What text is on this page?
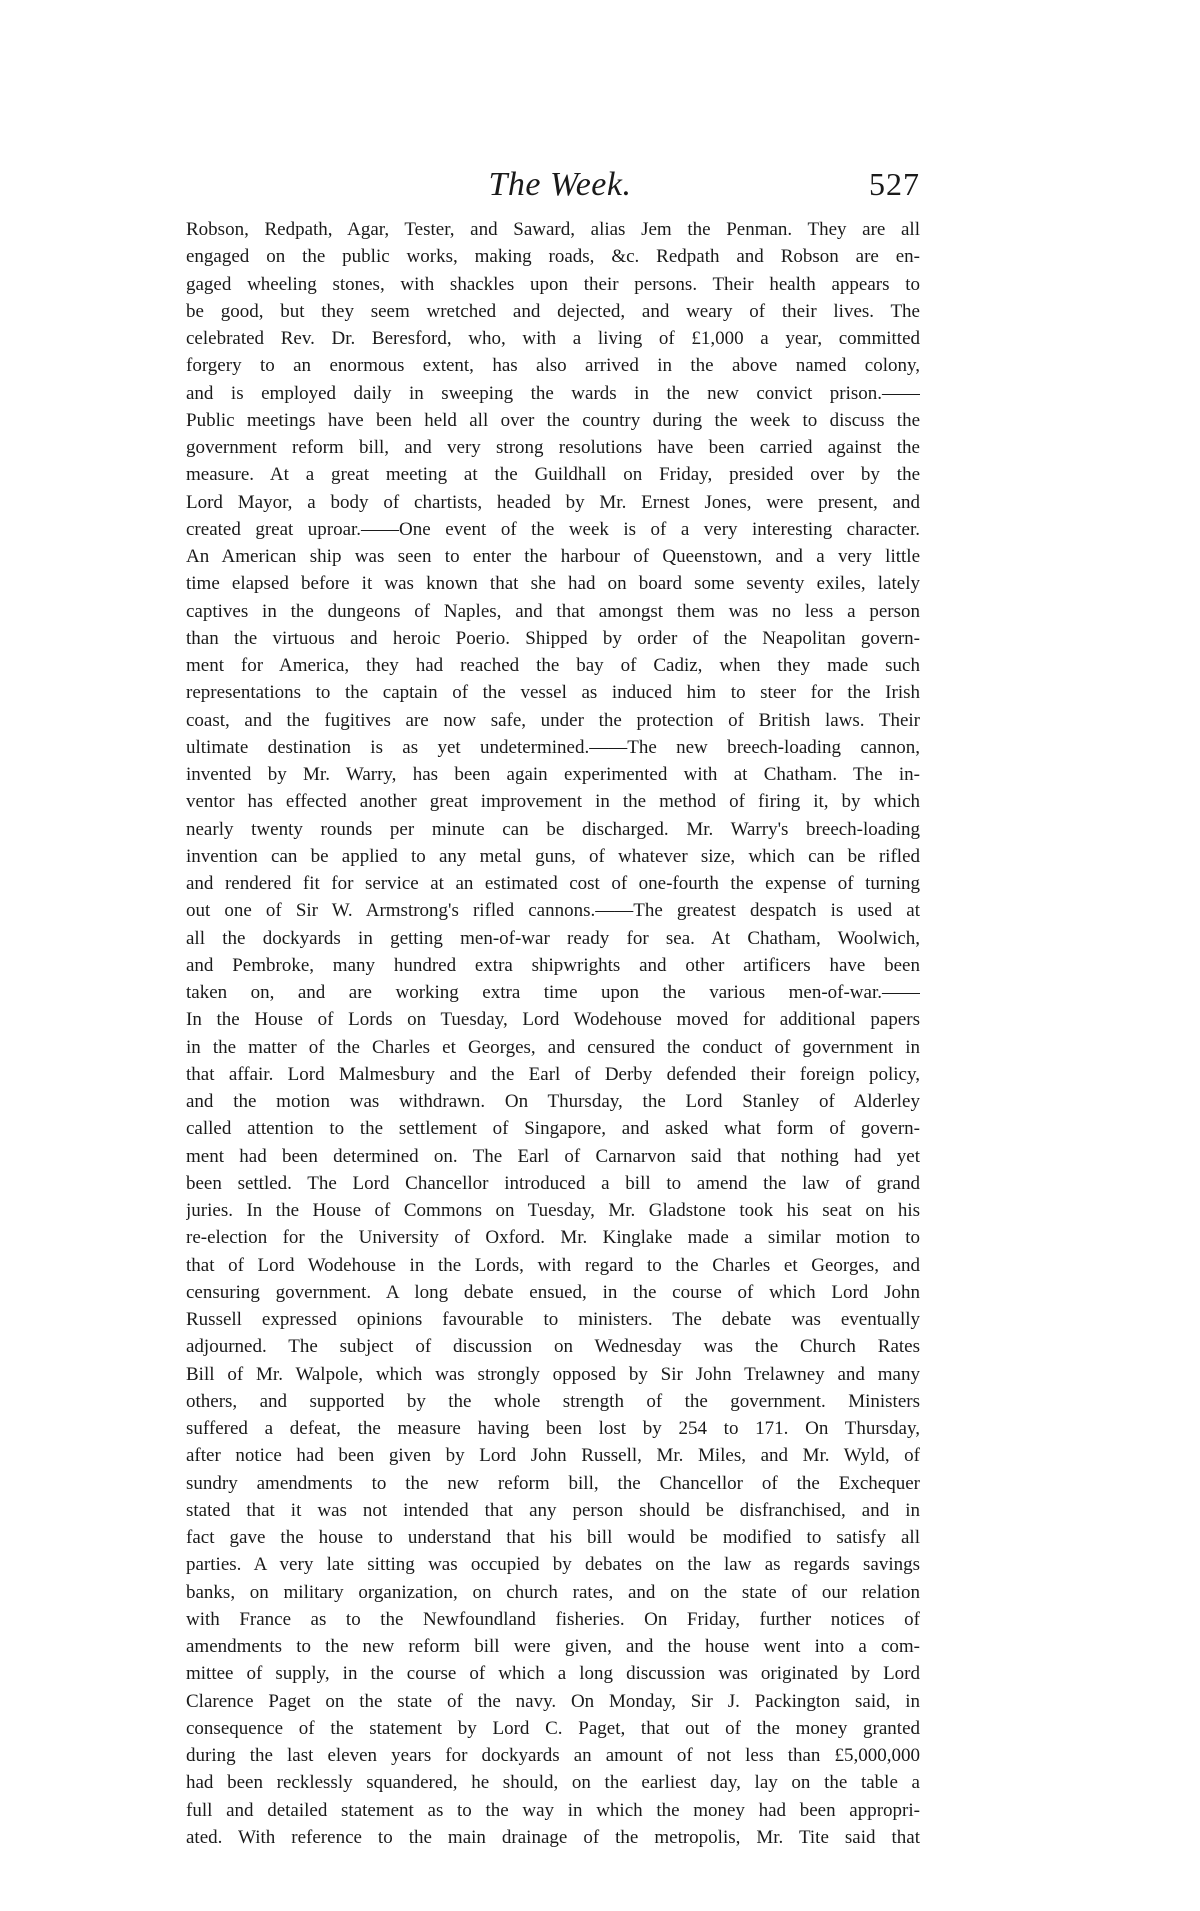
The Week.	527
Robson, Redpath, Agar, Tester, and Saward, alias Jem the Penman. They are all
engaged on the public works, making roads, &c. Redpath and Robson are en-
gaged wheeling stones, with shackles upon their persons. Their health appears to
be good, but they seem wretched and dejected, and weary of their lives. The
celebrated Rev. Dr. Beresford, who, with a living of £1,000 a year, committed
forgery to an enormous extent, has also arrived in the above named colony,
and is employed daily in sweeping the wards in the new convict prison.——
Public meetings have been held all over the country during the week to discuss the
government reform bill, and very strong resolutions have been carried against the
measure. At a great meeting at the Guildhall on Friday, presided over by the
Lord Mayor, a body of chartists, headed by Mr. Ernest Jones, were present, and
created great uproar.——One event of the week is of a very interesting character.
An American ship was seen to enter the harbour of Queenstown, and a very little
time elapsed before it was known that she had on board some seventy exiles, lately
captives in the dungeons of Naples, and that amongst them was no less a person
than the virtuous and heroic Poerio. Shipped by order of the Neapolitan govern-
ment for America, they had reached the bay of Cadiz, when they made such
representations to the captain of the vessel as induced him to steer for the Irish
coast, and the fugitives are now safe, under the protection of British laws. Their
ultimate destination is as yet undetermined.——The new breech-loading cannon,
invented by Mr. Warry, has been again experimented with at Chatham. The in-
ventor has effected another great improvement in the method of firing it, by which
nearly twenty rounds per minute can be discharged. Mr. Warry's breech-loading
invention can be applied to any metal guns, of whatever size, which can be rifled
and rendered fit for service at an estimated cost of one-fourth the expense of turning
out one of Sir W. Armstrong's rifled cannons.——The greatest despatch is used at
all the dockyards in getting men-of-war ready for sea. At Chatham, Woolwich,
and Pembroke, many hundred extra shipwrights and other artificers have been
taken on, and are working extra time upon the various men-of-war.——
In the House of Lords on Tuesday, Lord Wodehouse moved for additional papers
in the matter of the Charles et Georges, and censured the conduct of government in
that affair. Lord Malmesbury and the Earl of Derby defended their foreign policy,
and the motion was withdrawn. On Thursday, the Lord Stanley of Alderley
called attention to the settlement of Singapore, and asked what form of govern-
ment had been determined on. The Earl of Carnarvon said that nothing had yet
been settled. The Lord Chancellor introduced a bill to amend the law of grand
juries. In the House of Commons on Tuesday, Mr. Gladstone took his seat on his
re-election for the University of Oxford. Mr. Kinglake made a similar motion to
that of Lord Wodehouse in the Lords, with regard to the Charles et Georges, and
censuring government. A long debate ensued, in the course of which Lord John
Russell expressed opinions favourable to ministers. The debate was eventually
adjourned. The subject of discussion on Wednesday was the Church Rates
Bill of Mr. Walpole, which was strongly opposed by Sir John Trelawney and many
others, and supported by the whole strength of the government. Ministers
suffered a defeat, the measure having been lost by 254 to 171. On Thursday,
after notice had been given by Lord John Russell, Mr. Miles, and Mr. Wyld, of
sundry amendments to the new reform bill, the Chancellor of the Exchequer
stated that it was not intended that any person should be disfranchised, and in
fact gave the house to understand that his bill would be modified to satisfy all
parties. A very late sitting was occupied by debates on the law as regards savings
banks, on military organization, on church rates, and on the state of our relation
with France as to the Newfoundland fisheries. On Friday, further notices of
amendments to the new reform bill were given, and the house went into a com-
mittee of supply, in the course of which a long discussion was originated by Lord
Clarence Paget on the state of the navy. On Monday, Sir J. Packington said, in
consequence of the statement by Lord C. Paget, that out of the money granted
during the last eleven years for dockyards an amount of not less than £5,000,000
had been recklessly squandered, he should, on the earliest day, lay on the table a
full and detailed statement as to the way in which the money had been appropri-
ated. With reference to the main drainage of the metropolis, Mr. Tite said that
